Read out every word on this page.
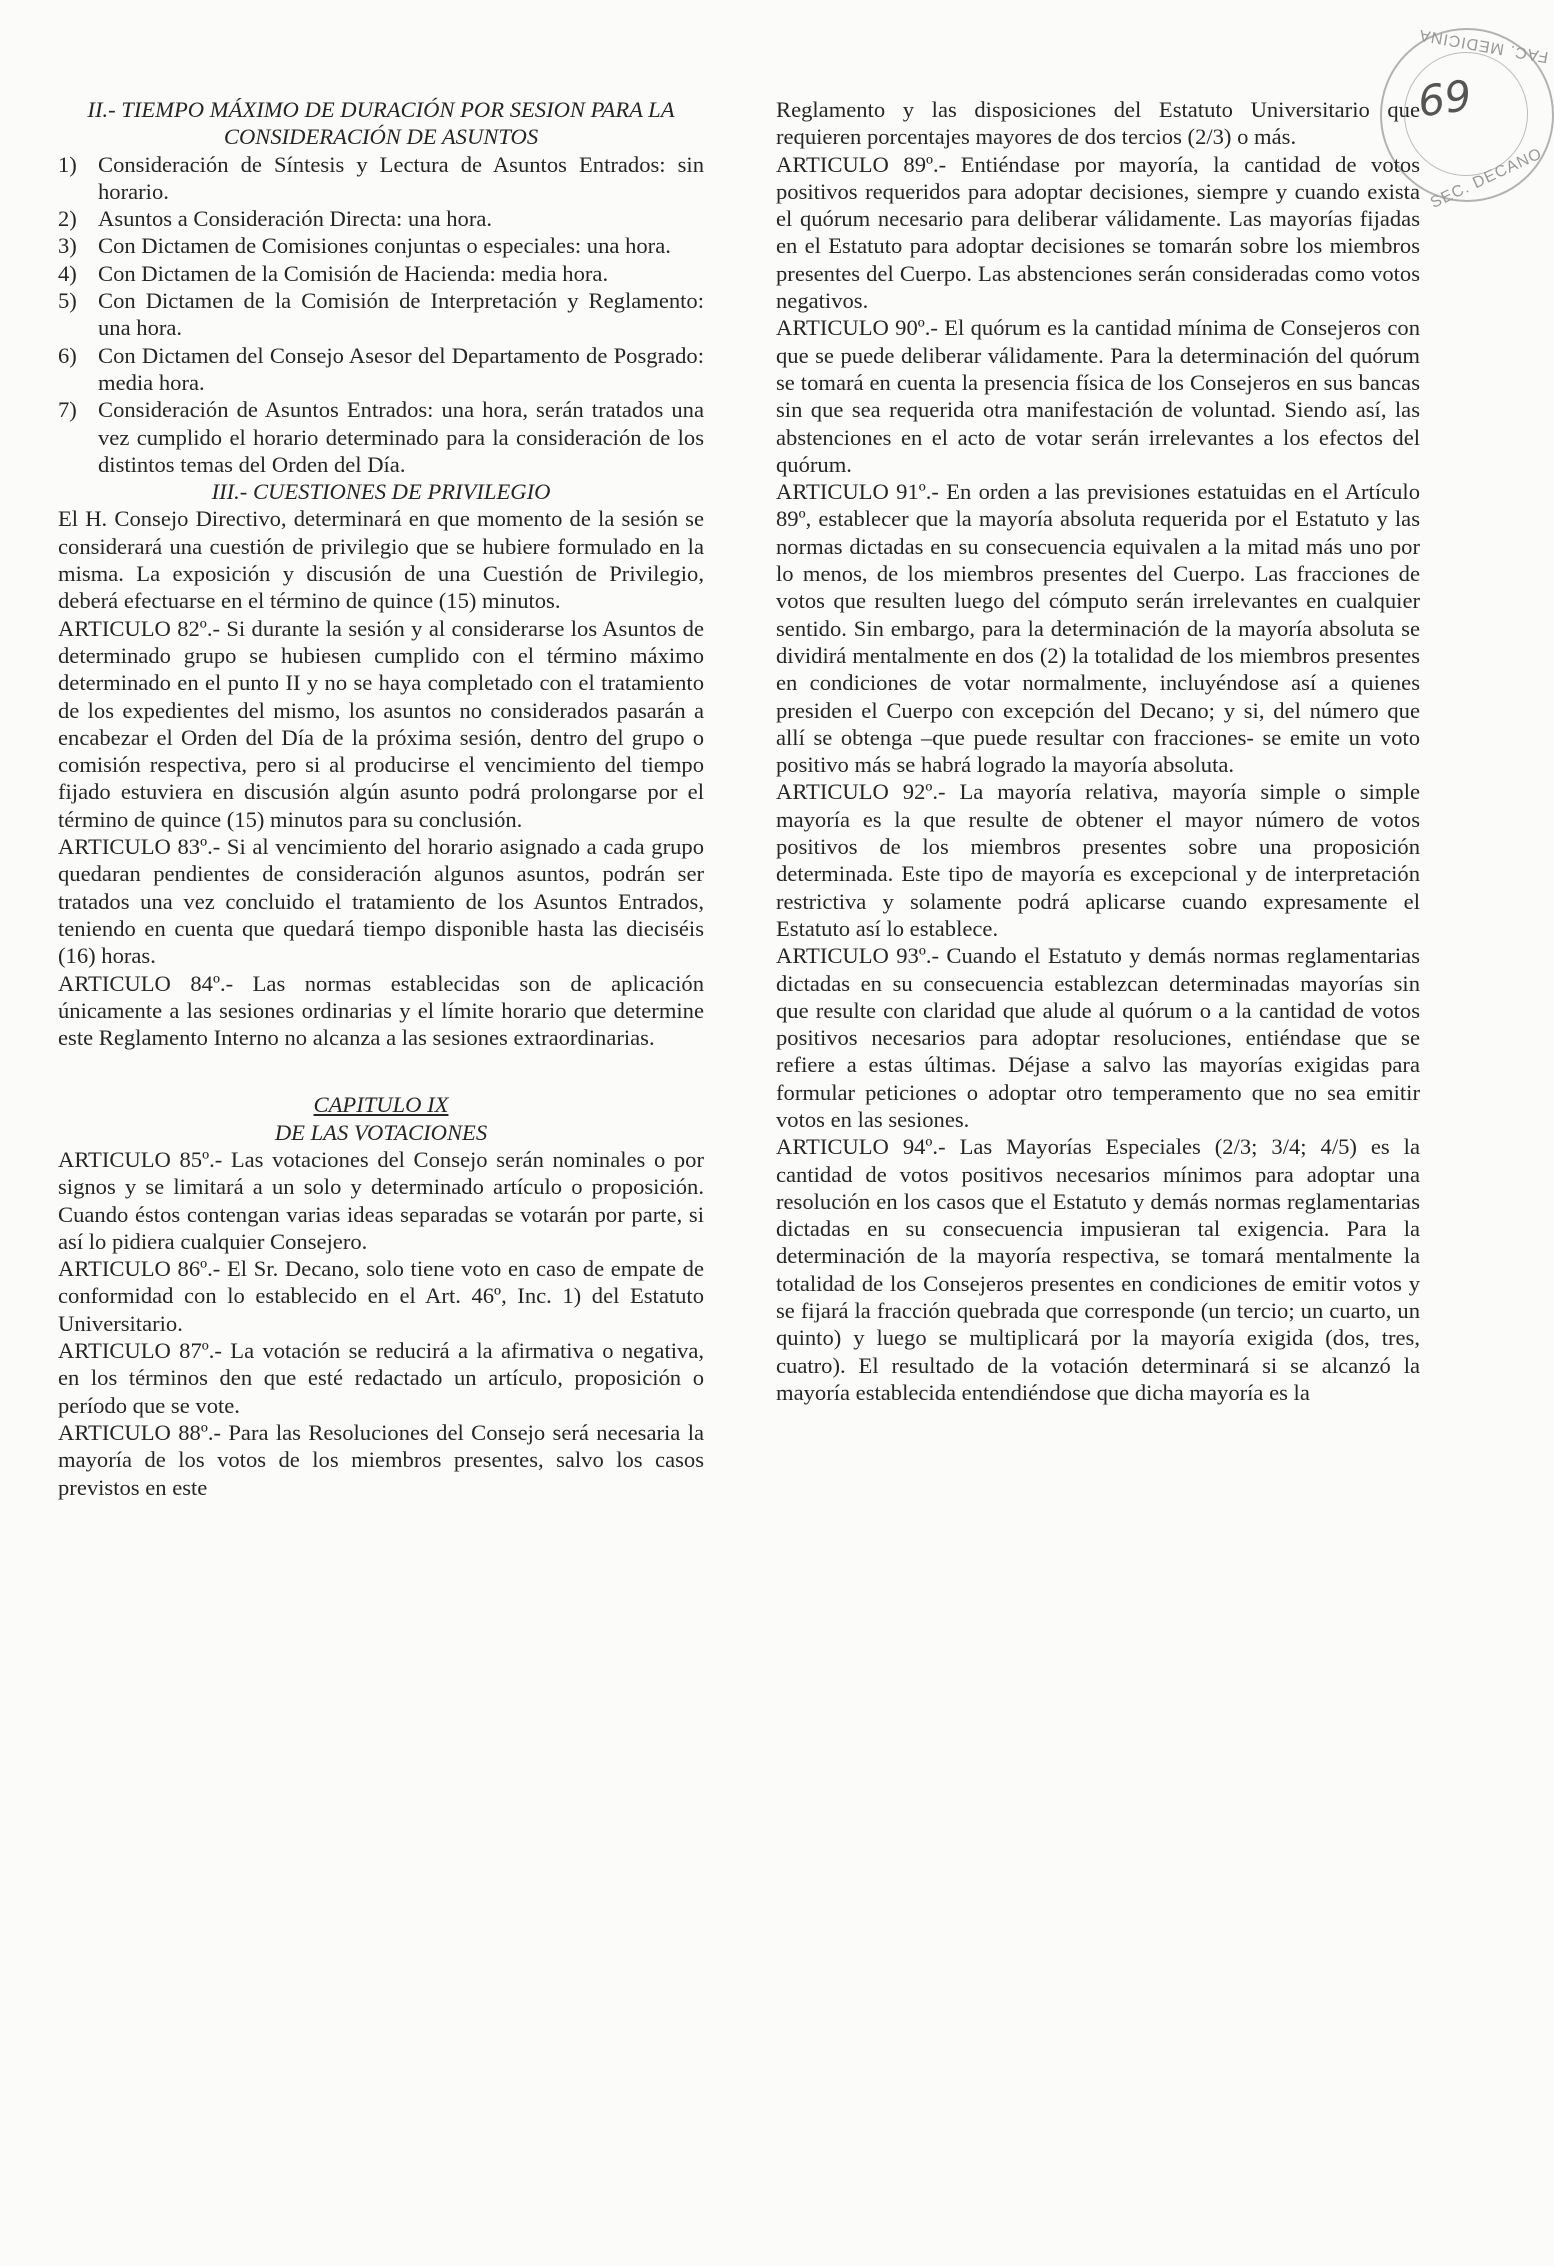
FAC. MEDICINA
SEC. DECANO
69

II.- TIEMPO MÁXIMO DE DURACIÓN POR SESION PARA LA CONSIDERACIÓN DE ASUNTOS

1) Consideración de Síntesis y Lectura de Asuntos Entrados: sin horario.
2) Asuntos a Consideración Directa: una hora.
3) Con Dictamen de Comisiones conjuntas o especiales: una hora.
4) Con Dictamen de la Comisión de Hacienda: media hora.
5) Con Dictamen de la Comisión de Interpretación y Reglamento: una hora.
6) Con Dictamen del Consejo Asesor del Departamento de Posgrado: media hora.
7) Consideración de Asuntos Entrados: una hora, serán tratados una vez cumplido el horario determinado para la consideración de los distintos temas del Orden del Día.

III.- CUESTIONES DE PRIVILEGIO

El H. Consejo Directivo, determinará en que momento de la sesión se considerará una cuestión de privilegio que se hubiere formulado en la misma. La exposición y discusión de una Cuestión de Privilegio, deberá efectuarse en el término de quince (15) minutos.

ARTICULO 82º.- Si durante la sesión y al considerarse los Asuntos de determinado grupo se hubiesen cumplido con el término máximo determinado en el punto II y no se haya completado con el tratamiento de los expedientes del mismo, los asuntos no considerados pasarán a encabezar el Orden del Día de la próxima sesión, dentro del grupo o comisión respectiva, pero si al producirse el vencimiento del tiempo fijado estuviera en discusión algún asunto podrá prolongarse por el término de quince (15) minutos para su conclusión.

ARTICULO 83º.- Si al vencimiento del horario asignado a cada grupo quedaran pendientes de consideración algunos asuntos, podrán ser tratados una vez concluido el tratamiento de los Asuntos Entrados, teniendo en cuenta que quedará tiempo disponible hasta las dieciséis (16) horas.

ARTICULO 84º.- Las normas establecidas son de aplicación únicamente a las sesiones ordinarias y el límite horario que determine este Reglamento Interno no alcanza a las sesiones extraordinarias.

CAPITULO IX

DE LAS VOTACIONES

ARTICULO 85º.- Las votaciones del Consejo serán nominales o por signos y se limitará a un solo y determinado artículo o proposición. Cuando éstos contengan varias ideas separadas se votarán por parte, si así lo pidiera cualquier Consejero.

ARTICULO 86º.- El Sr. Decano, solo tiene voto en caso de empate de conformidad con lo establecido en el Art. 46º, Inc. 1) del Estatuto Universitario.

ARTICULO 87º.- La votación se reducirá a la afirmativa o negativa, en los términos den que esté redactado un artículo, proposición o período que se vote.

ARTICULO 88º.- Para las Resoluciones del Consejo será necesaria la mayoría de los votos de los miembros presentes, salvo los casos previstos en este

Reglamento y las disposiciones del Estatuto Universitario que requieren porcentajes mayores de dos tercios (2/3) o más.

ARTICULO 89º.- Entiéndase por mayoría, la cantidad de votos positivos requeridos para adoptar decisiones, siempre y cuando exista el quórum necesario para deliberar válidamente. Las mayorías fijadas en el Estatuto para adoptar decisiones se tomarán sobre los miembros presentes del Cuerpo. Las abstenciones serán consideradas como votos negativos.

ARTICULO 90º.- El quórum es la cantidad mínima de Consejeros con que se puede deliberar válidamente. Para la determinación del quórum se tomará en cuenta la presencia física de los Consejeros en sus bancas sin que sea requerida otra manifestación de voluntad. Siendo así, las abstenciones en el acto de votar serán irrelevantes a los efectos del quórum.

ARTICULO 91º.- En orden a las previsiones estatuidas en el Artículo 89º, establecer que la mayoría absoluta requerida por el Estatuto y las normas dictadas en su consecuencia equivalen a la mitad más uno por lo menos, de los miembros presentes del Cuerpo. Las fracciones de votos que resulten luego del cómputo serán irrelevantes en cualquier sentido. Sin embargo, para la determinación de la mayoría absoluta se dividirá mentalmente en dos (2) la totalidad de los miembros presentes en condiciones de votar normalmente, incluyéndose así a quienes presiden el Cuerpo con excepción del Decano; y si, del número que allí se obtenga –que puede resultar con fracciones- se emite un voto positivo más se habrá logrado la mayoría absoluta.

ARTICULO 92º.- La mayoría relativa, mayoría simple o simple mayoría es la que resulte de obtener el mayor número de votos positivos de los miembros presentes sobre una proposición determinada. Este tipo de mayoría es excepcional y de interpretación restrictiva y solamente podrá aplicarse cuando expresamente el Estatuto así lo establece.

ARTICULO 93º.- Cuando el Estatuto y demás normas reglamentarias dictadas en su consecuencia establezcan determinadas mayorías sin que resulte con claridad que alude al quórum o a la cantidad de votos positivos necesarios para adoptar resoluciones, entiéndase que se refiere a estas últimas. Déjase a salvo las mayorías exigidas para formular peticiones o adoptar otro temperamento que no sea emitir votos en las sesiones.

ARTICULO 94º.- Las Mayorías Especiales (2/3; 3/4; 4/5) es la cantidad de votos positivos necesarios mínimos para adoptar una resolución en los casos que el Estatuto y demás normas reglamentarias dictadas en su consecuencia impusieran tal exigencia. Para la determinación de la mayoría respectiva, se tomará mentalmente la totalidad de los Consejeros presentes en condiciones de emitir votos y se fijará la fracción quebrada que corresponde (un tercio; un cuarto, un quinto) y luego se multiplicará por la mayoría exigida (dos, tres, cuatro). El resultado de la votación determinará si se alcanzó la mayoría establecida entendiéndose que dicha mayoría es la
